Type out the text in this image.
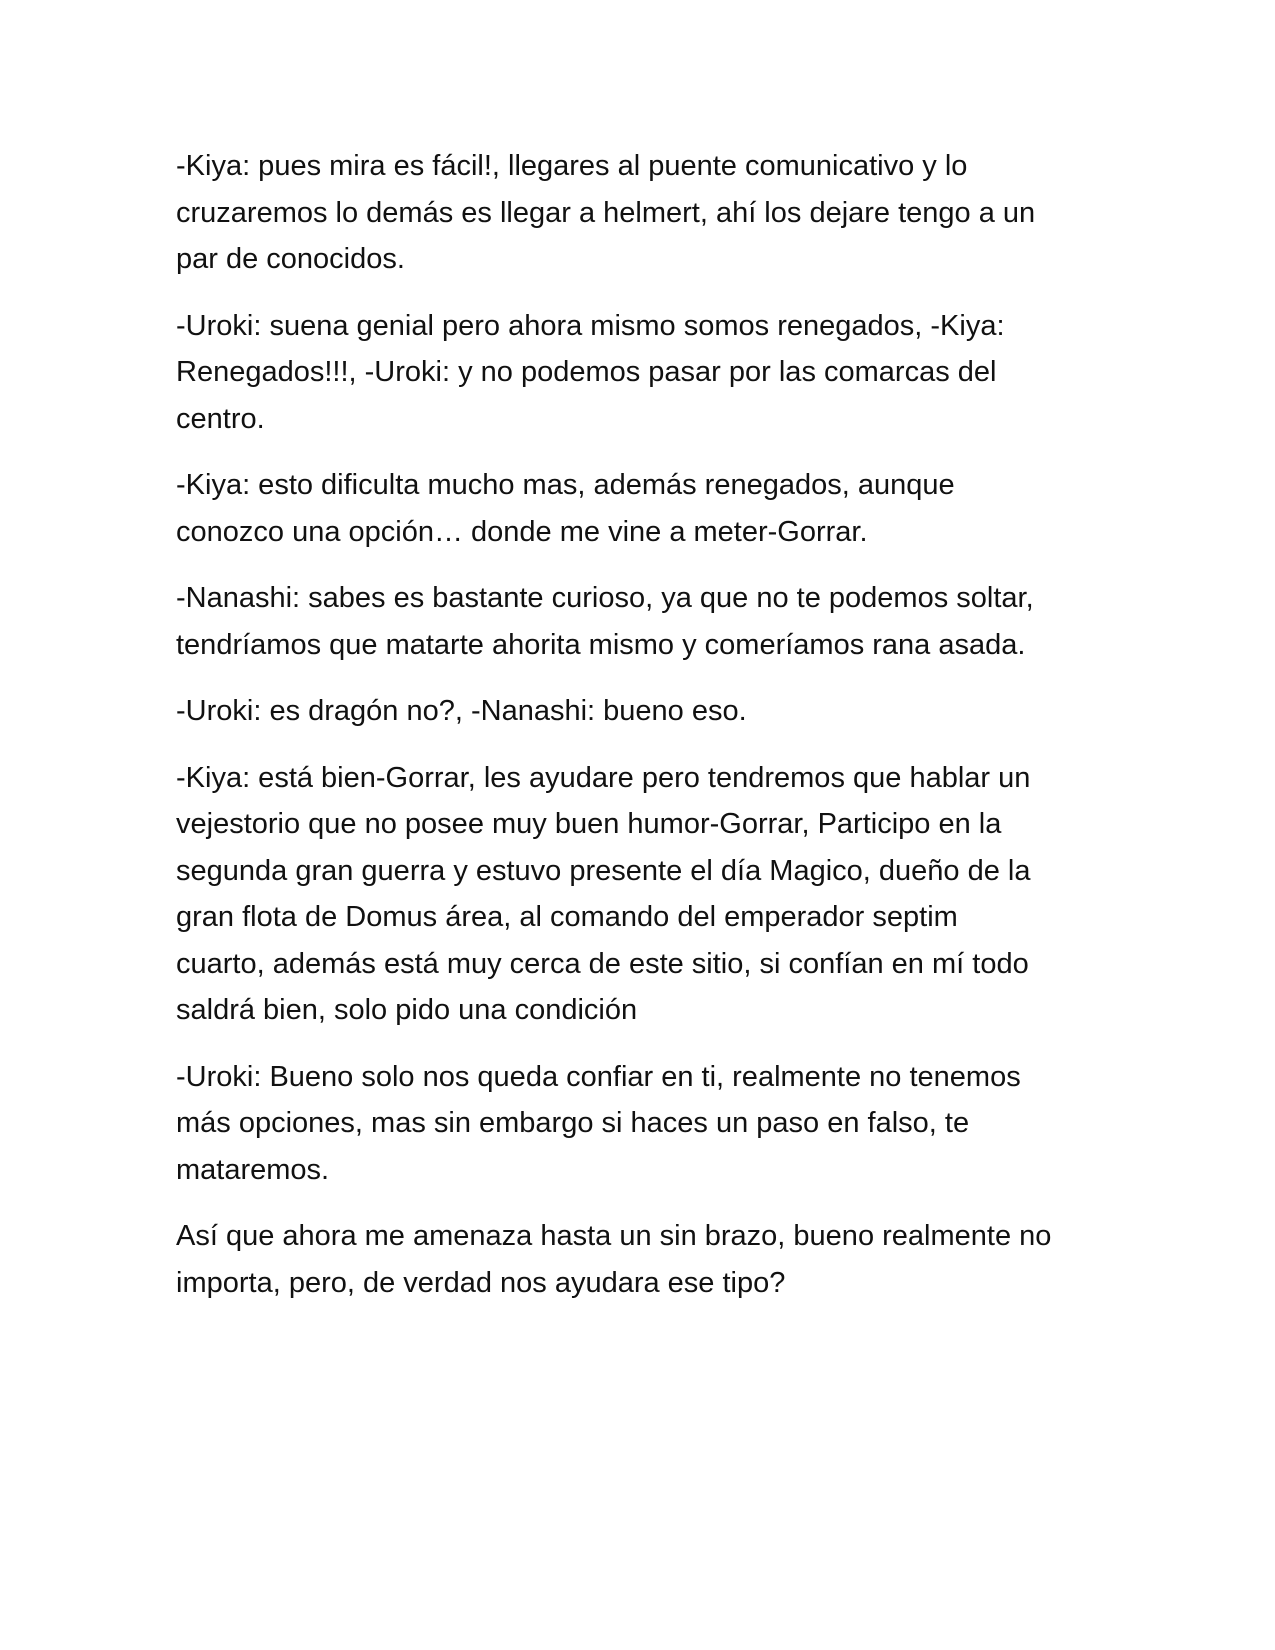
-Kiya: pues mira es fácil!, llegares al puente comunicativo y lo
cruzaremos lo demás es llegar a helmert, ahí los dejare tengo a un
par de conocidos.

-Uroki: suena genial pero ahora mismo somos renegados, -Kiya:
Renegados!!!, -Uroki: y no podemos pasar por las comarcas del
centro.

-Kiya: esto dificulta mucho mas, además renegados, aunque
conozco una opción… donde me vine a meter-Gorrar.

-Nanashi: sabes es bastante curioso, ya que no te podemos soltar,
tendríamos que matarte ahorita mismo y comeríamos rana asada.

-Uroki: es dragón no?, -Nanashi: bueno eso.

-Kiya: está bien-Gorrar, les ayudare pero tendremos que hablar un
vejestorio que no posee muy buen humor-Gorrar, Participo en la
segunda gran guerra y estuvo presente el día Magico, dueño de la
gran flota de Domus área, al comando del emperador septim
cuarto, además está muy cerca de este sitio, si confían en mí todo
saldrá bien, solo pido una condición

-Uroki: Bueno solo nos queda confiar en ti, realmente no tenemos
más opciones, mas sin embargo si haces un paso en falso, te
mataremos.

Así que ahora me amenaza hasta un sin brazo, bueno realmente no
importa, pero, de verdad nos ayudara ese tipo?
